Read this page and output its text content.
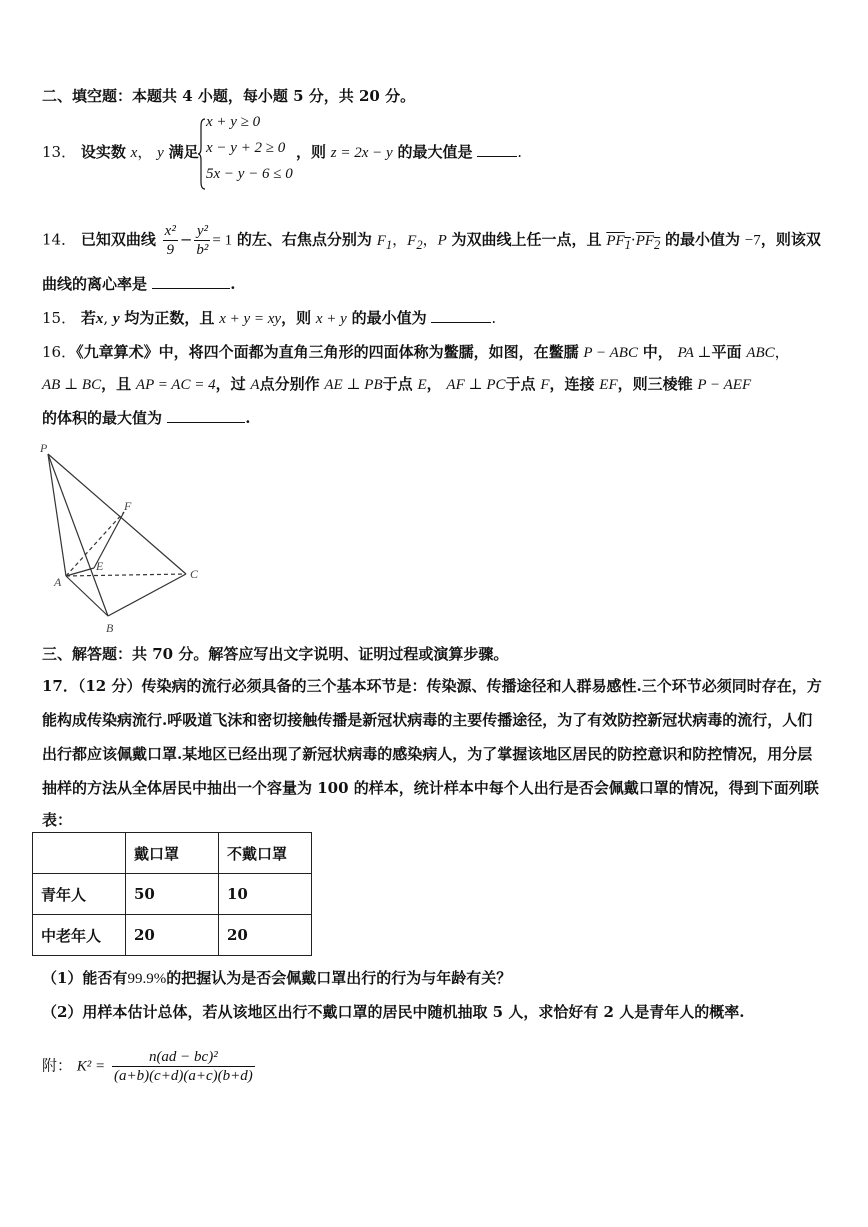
二、填空题：本题共 4 小题，每小题 5 分，共 20 分。
13． 设实数 x， y 满足
x + y ≥ 0
x − y + 2 ≥ 0
5x − y − 6 ≤ 0
，则 z = 2x − y 的最大值是	.
14． 已知双曲线 $\frac{\text{x²}}{9} - \frac{\text{y²}}{\text{b²}} = 1$ 的左、右焦点分别为 $F_1$，$F_2$，P 为双曲线上任一点，且 $PF_1\cdot PF_2$ 的最小值为 −7，则该双
曲线的离心率是	.
15． 若x, y 均为正数，且 x + y = xy，则 x + y 的最小值为	.
16．《九章算术》中，将四个面都为直角三角形的四面体称为鳖臑，如图，在鳖臑 P − ABC 中， PA ⊥平面 ABC，
AB ⊥ BC，且 AP = AC = 4，过 A点分别作 AE ⊥ PB于点 E， AF ⊥ PC于点 F，连接 EF，则三棱锥 P − AEF
的体积的最大值为	.
P
F
E
A
C
B
三、解答题：共 70 分。解答应写出文字说明、证明过程或演算步骤。
17．（12 分）传染病的流行必须具备的三个基本环节是：传染源、传播途径和人群易感性.三个环节必须同时存在，方
能构成传染病流行.呼吸道飞沫和密切接触传播是新冠状病毒的主要传播途径，为了有效防控新冠状病毒的流行，人们
出行都应该佩戴口罩.某地区已经出现了新冠状病毒的感染病人，为了掌握该地区居民的防控意识和防控情况，用分层
抽样的方法从全体居民中抽出一个容量为 100 的样本，统计样本中每个人出行是否会佩戴口罩的情况，得到下面列联
表：
	戴口罩	不戴口罩
青年人	50	10
中老年人	20	20
（1）能否有99.9%的把握认为是否会佩戴口罩出行的行为与年龄有关？
（2）用样本估计总体，若从该地区出行不戴口罩的居民中随机抽取 5 人，求恰好有 2 人是青年人的概率.
附： $K^2 = \frac{\text{n(ad − bc)²}}{(a+b)(c+d)(a+c)(b+d)}$
